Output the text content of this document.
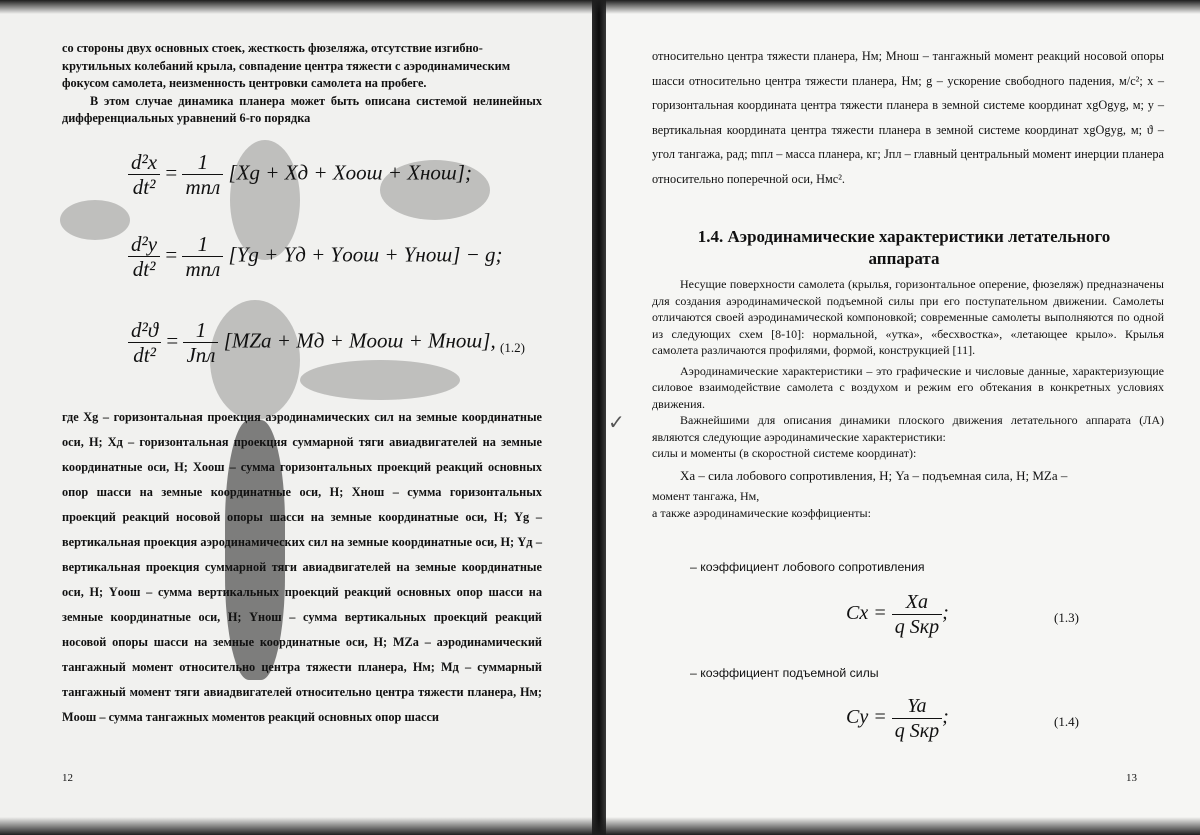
со стороны двух основных стоек, жесткость фюзеляжа, отсутствие изгибно-

крутильных колебаний крыла, совпадение центра тяжести с аэродинамическим

фокусом самолета, неизменность центровки самолета на пробеге.

В этом случае динамика планера может быть описана системой нелинейных дифференциальных уравнений 6-го порядка

$\frac{\text{d²x}}{\text{dt²}} = \frac{1}{\text{mпл}} [Xg$ + Xд + Xоош + Xнош];
$\frac{\text{d²y}}{\text{dt²}} = \frac{1}{\text{mпл}} [Yg$ + Yд + Yоош + Yнош] − g;
$\frac{\text{d²ϑ}}{\text{dt²}} = \frac{1}{\text{Jпл}} [MZa$ + Mд + Mоош + Mнош], (1.2)

где Xg – горизонтальная проекция аэродинамических сил на земные координатные оси, Н; Xд – горизонтальная проекция суммарной тяги авиадвигателей на земные координатные оси, Н; Xоош – сумма горизонтальных проекций реакций основных опор шасси на земные координатные оси, Н; Xнош – сумма горизонтальных проекций реакций носовой опоры шасси на земные координатные оси, Н; Yg – вертикальная проекция аэродинамических сил на земные координатные оси, Н; Yд – вертикальная проекция суммарной тяги авиадвигателей на земные координатные оси, Н; Yоош – сумма вертикальных проекций реакций основных опор шасси на земные координатные оси, Н; Yнош – сумма вертикальных проекций реакций носовой опоры шасси на земные координатные оси, Н; MZa – аэродинамический тангажный момент относительно центра тяжести планера, Нм; Mд – суммарный тангажный момент тяги авиадвигателей относительно центра тяжести планера, Нм; Mоош – сумма тангажных моментов реакций основных опор шасси

12

относительно центра тяжести планера, Нм; Mнош – тангажный момент реакций носовой опоры шасси относительно центра тяжести планера, Нм; g – ускорение свободного падения, м/с²; x – горизонтальная координата центра тяжести планера в земной системе координат xgOgyg, м; y – вертикальная координата центра тяжести планера в земной системе координат xgOgyg, м; ϑ – угол тангажа, рад; mпл – масса планера, кг; Jпл – главный центральный момент инерции планера относительно поперечной оси, Нмс².

1.4. Аэродинамические характеристики летательного
аппарата
✓

Несущие поверхности самолета (крылья, горизонтальное оперение, фюзеляж) предназначены для создания аэродинамической подъемной силы при его поступательном движении. Самолеты отличаются своей аэродинамической компоновкой; современные самолеты выполняются по одной из следующих схем [8-10]: нормальной, «утка», «бесхвостка», «летающее крыло». Крылья самолета различаются профилями, формой, конструкцией [11].

Аэродинамические характеристики – это графические и числовые данные, характеризующие силовое взаимодействие самолета с воздухом и режим его обтекания в конкретных условиях движения.

Важнейшими для описания динамики плоского движения летательного аппарата (ЛА) являются следующие аэродинамические характеристики:

силы и моменты (в скоростной системе координат):

Xa – сила лобового сопротивления, Н; Ya – подъемная сила, Н; MZa –

момент тангажа, Нм,

а также аэродинамические коэффициенты:

– коэффициент лобового сопротивления
$Cx = \frac{Xa}{\text{q Sкр}}$ ;	(1.3)
– коэффициент подъемной силы
$Cy = \frac{Ya}{\text{q Sкр}}$ ;	(1.4)
13
